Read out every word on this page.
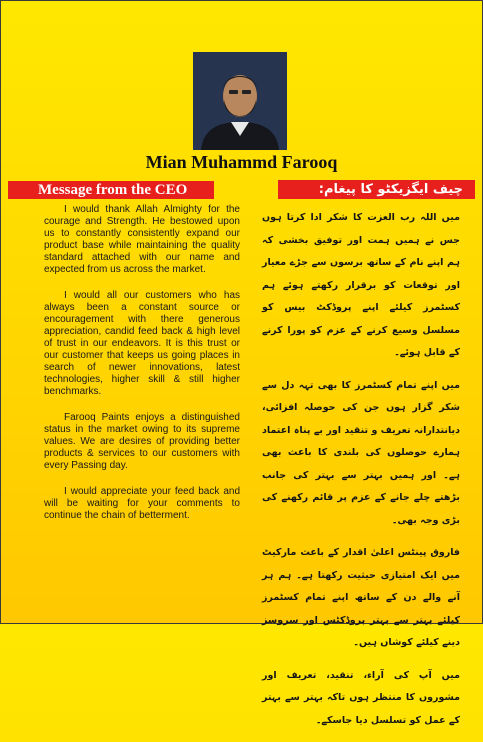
Mian Muhammd Farooq
Message from the CEO	چیف ایگزیکٹو کا پیغام:

I would thank Allah Almighty for the courage and Strength. He bestowed upon us to constantly consistently expand our product base while maintaining the quality standard attached with our name and expected from us across the market.

I would all our customers who has always been a constant source or encouragement with there generous appreciation, candid feed back & high level of trust in our endeavors. It is this trust or our customer that keeps us going places in search of newer innovations, latest technologies, higher skill & still higher benchmarks.

Farooq Paints enjoys a distinguished status in the market owing to its supreme values. We are desires of providing better products & services to our customers with every Passing day.

I would appreciate your feed back and will be waiting for your comments to continue the chain of betterment.

میں اللہ رب العزت کا شکر ادا کرتا ہوں جس نے ہمیں ہمت اور توفیق بخشی کہ ہم اپنے نام کے ساتھ برسوں سے جڑے معیار اور توقعات کو برقرار رکھتے ہوئے ہم کسٹمرز کیلئے اپنے پروڈکٹ بیس کو مسلسل وسیع کرنے کے عزم کو پورا کرنے کے قابل ہوئے۔

میں اپنے تمام کسٹمرز کا بھی تہہ دل سے شکر گزار ہوں جن کی حوصلہ افزائی، دیانتدارانہ تعریف و تنقید اور بے پناہ اعتماد ہمارے حوصلوں کی بلندی کا باعث بھی ہے۔ اور ہمیں بہتر سے بہتر کی جانب بڑھتے چلے جانے کے عزم پر قائم رکھنے کی بڑی وجہ بھی۔

فاروق پینٹس اعلیٰ اقدار کے باعث مارکیٹ میں ایک امتیازی حیثیت رکھتا ہے۔ ہم ہر آنے والے دن کے ساتھ اپنے تمام کسٹمرز کیلئے بہتر سے بہتر پروڈکٹس اور سروسز دینے کیلئے کوشاں ہیں۔

میں آپ کی آراء، تنقید، تعریف اور مشوروں کا منتظر ہوں تاکہ بہتر سے بہتر کے عمل کو تسلسل دیا جاسکے۔
